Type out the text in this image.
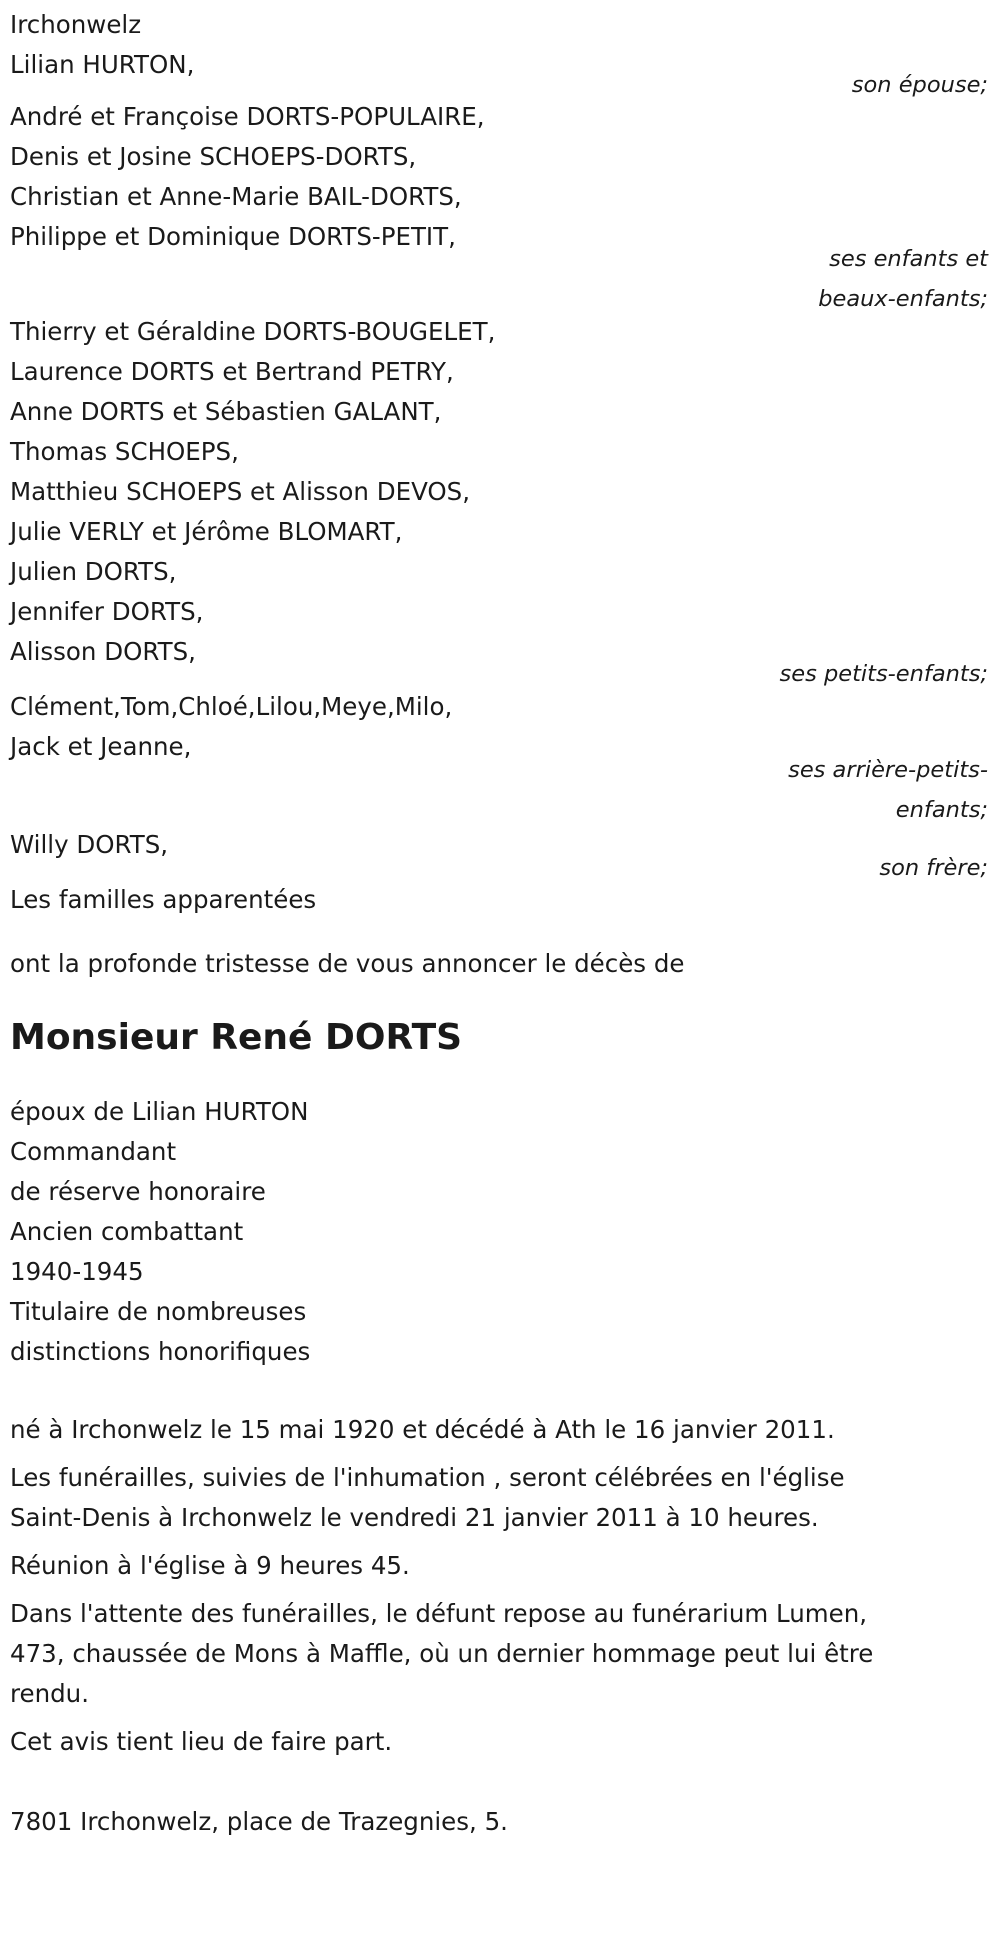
Irchonwelz

Lilian HURTON,

son épouse;

André et Françoise DORTS-POPULAIRE,

Denis et Josine SCHOEPS-DORTS,

Christian et Anne-Marie BAIL-DORTS,

Philippe et Dominique DORTS-PETIT,

ses enfants et

beaux-enfants;

Thierry et Géraldine DORTS-BOUGELET,

Laurence DORTS et Bertrand PETRY,

Anne DORTS et Sébastien GALANT,

Thomas SCHOEPS,

Matthieu SCHOEPS et Alisson DEVOS,

Julie VERLY et Jérôme BLOMART,

Julien DORTS,

Jennifer DORTS,

Alisson DORTS,

ses petits-enfants;

Clément,Tom,Chloé,Lilou,Meye,Milo,

Jack et Jeanne,

ses arrière-petits-

enfants;

Willy DORTS,

son frère;

Les familles apparentées

ont la profonde tristesse de vous annoncer le décès de

Monsieur René DORTS

époux de Lilian HURTON

Commandant

de réserve honoraire

Ancien combattant

1940-1945

Titulaire de nombreuses

distinctions honorifiques

né à Irchonwelz le 15 mai 1920 et décédé à Ath le 16 janvier 2011.

Les funérailles, suivies de l'inhumation , seront célébrées en l'église

Saint-Denis à Irchonwelz le vendredi 21 janvier 2011 à 10 heures.

Réunion à l'église à 9 heures 45.

Dans l'attente des funérailles, le défunt repose au funérarium Lumen,

473, chaussée de Mons à Maffle, où un dernier hommage peut lui être

rendu.

Cet avis tient lieu de faire part.

7801 Irchonwelz, place de Trazegnies, 5.
